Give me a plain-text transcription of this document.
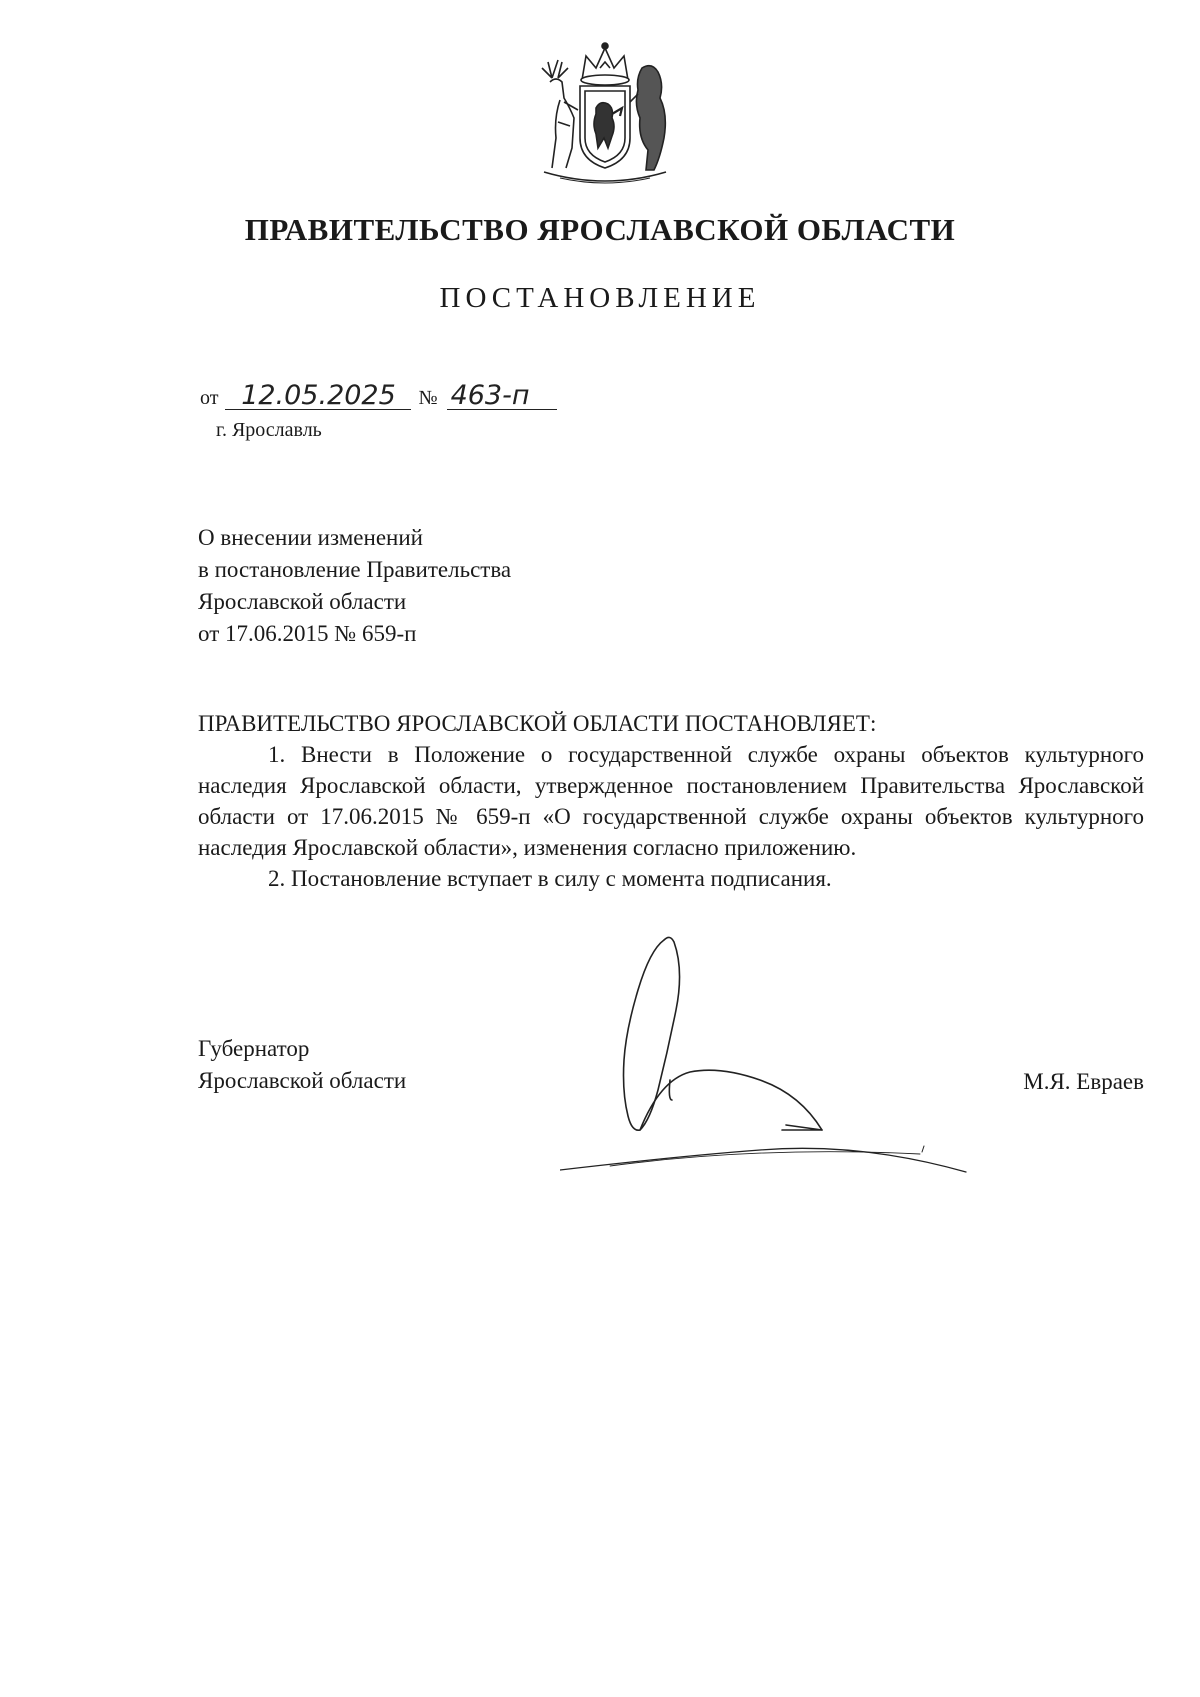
ПРАВИТЕЛЬСТВО ЯРОСЛАВСКОЙ ОБЛАСТИ
ПОСТАНОВЛЕНИЕ
от 12.05.2025 № 463-п
г. Ярославль
О внесении изменений
в постановление Правительства
Ярославской области
от 17.06.2015 № 659-п

ПРАВИТЕЛЬСТВО ЯРОСЛАВСКОЙ ОБЛАСТИ ПОСТАНОВЛЯЕТ:

1. Внести в Положение о государственной службе охраны объектов культурного наследия Ярославской области, утвержденное постановлением Правительства Ярославской области от 17.06.2015 № 659-п «О государственной службе охраны объектов культурного наследия Ярославской области», изменения согласно приложению.

2. Постановление вступает в силу с момента подписания.

Губернатор
Ярославской области	М.Я. Евраев
